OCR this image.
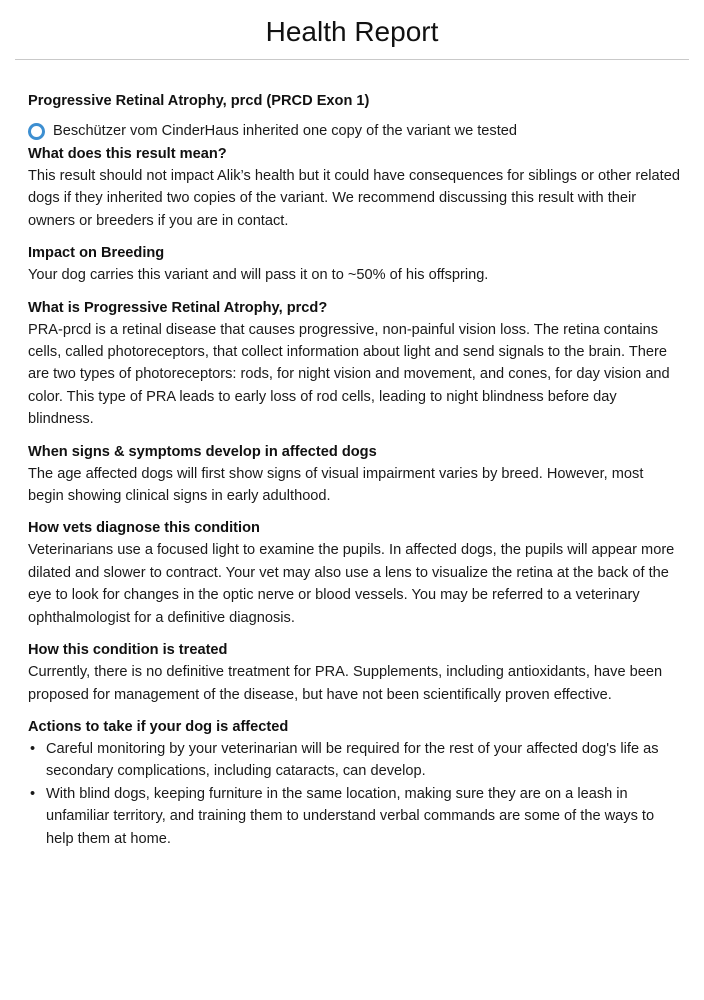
Health Report
Progressive Retinal Atrophy, prcd (PRCD Exon 1)
Beschützer vom CinderHaus inherited one copy of the variant we tested
What does this result mean?
This result should not impact Alik’s health but it could have consequences for siblings or other related dogs if they inherited two copies of the variant. We recommend discussing this result with their owners or breeders if you are in contact.
Impact on Breeding
Your dog carries this variant and will pass it on to ~50% of his offspring.
What is Progressive Retinal Atrophy, prcd?
PRA-prcd is a retinal disease that causes progressive, non-painful vision loss. The retina contains cells, called photoreceptors, that collect information about light and send signals to the brain. There are two types of photoreceptors: rods, for night vision and movement, and cones, for day vision and color. This type of PRA leads to early loss of rod cells, leading to night blindness before day blindness.
When signs & symptoms develop in affected dogs
The age affected dogs will first show signs of visual impairment varies by breed. However, most begin showing clinical signs in early adulthood.
How vets diagnose this condition
Veterinarians use a focused light to examine the pupils. In affected dogs, the pupils will appear more dilated and slower to contract. Your vet may also use a lens to visualize the retina at the back of the eye to look for changes in the optic nerve or blood vessels. You may be referred to a veterinary ophthalmologist for a definitive diagnosis.
How this condition is treated
Currently, there is no definitive treatment for PRA. Supplements, including antioxidants, have been proposed for management of the disease, but have not been scientifically proven effective.
Actions to take if your dog is affected
• Careful monitoring by your veterinarian will be required for the rest of your affected dog's life as secondary complications, including cataracts, can develop.
• With blind dogs, keeping furniture in the same location, making sure they are on a leash in unfamiliar territory, and training them to understand verbal commands are some of the ways to help them at home.
